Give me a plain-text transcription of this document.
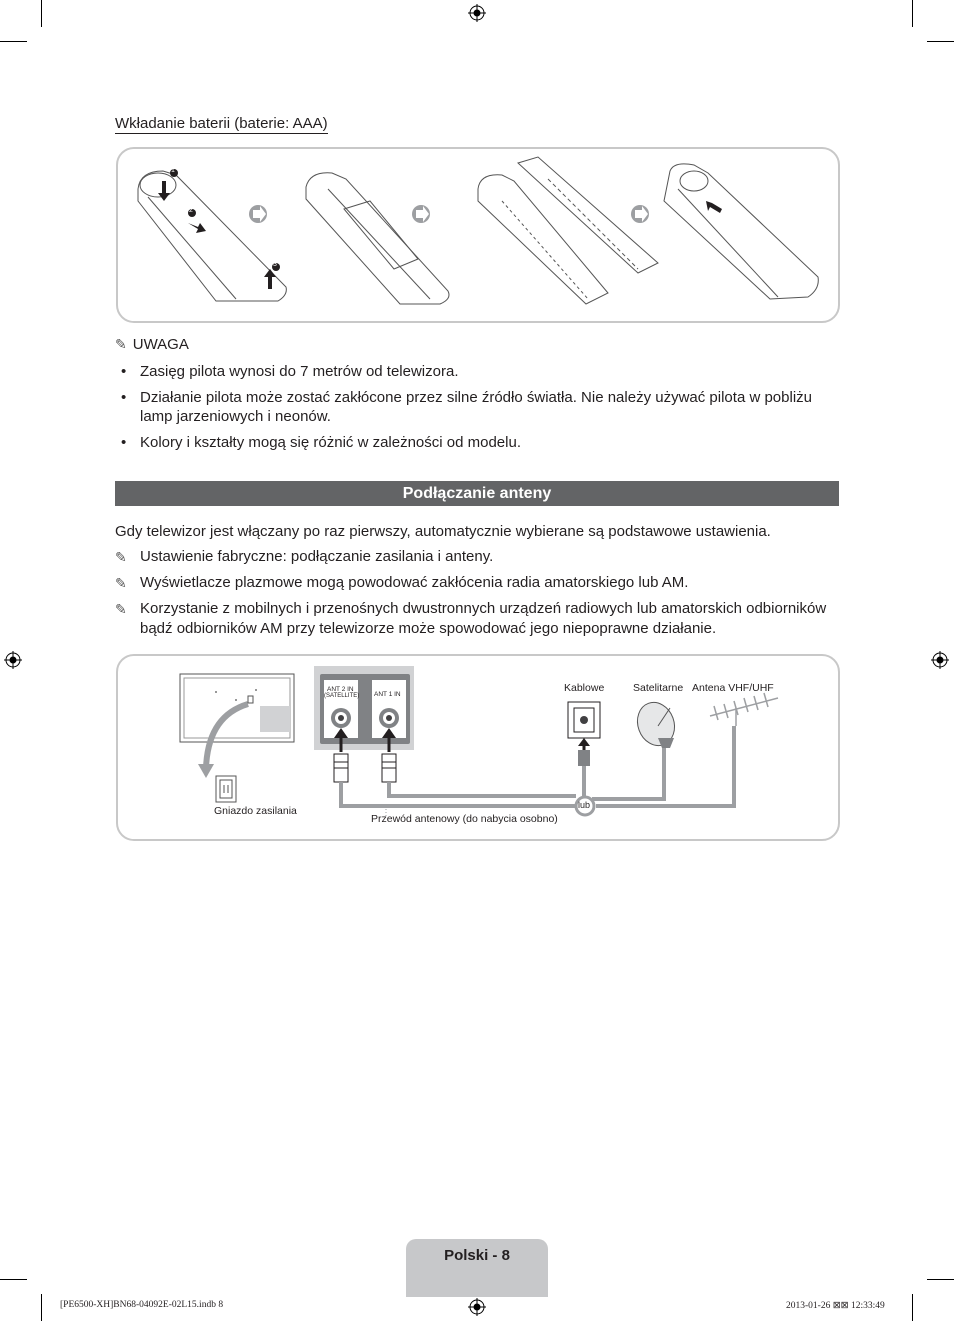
Wkładanie baterii (baterie: AAA)
1
2
3
✎ UWAGA
• Zasięg pilota wynosi do 7 metrów od telewizora.
• Działanie pilota może zostać zakłócone przez silne źródło światła. Nie należy używać pilota w pobliżu lamp jarzeniowych i neonów.
• Kolory i kształty mogą się różnić w zależności od modelu.
Podłączanie anteny
Gdy telewizor jest włączany po raz pierwszy, automatycznie wybierane są podstawowe ustawienia.
✎ Ustawienie fabryczne: podłączanie zasilania i anteny.
✎ Wyświetlacze plazmowe mogą powodować zakłócenia radia amatorskiego lub AM.
✎ Korzystanie z mobilnych i przenośnych dwustronnych urządzeń radiowych lub amatorskich odbiorników bądź odbiorników AM przy telewizorze może spowodować jego niepoprawne działanie.
ANT 2 IN
(SATELLITE) ANT 1 IN
Kablowe	Satelitarne Antena VHF/UHF
Gniazdo zasilania
Przewód antenowy (do nabycia osobno)
lub
Polski - 8
[PE6500-XH]BN68-04092E-02L15.indb 8	2013-01-26 ⊠⊠ 12:33:49
